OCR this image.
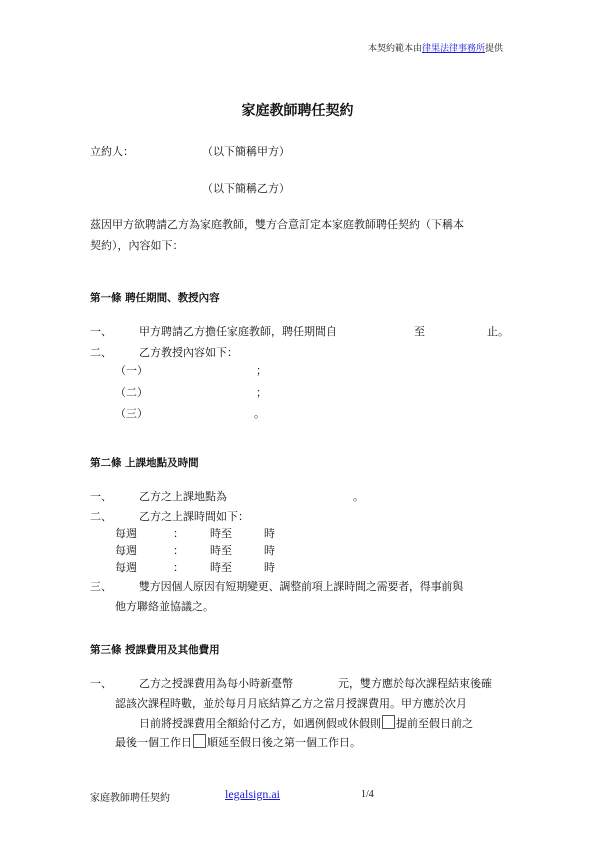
本契約範本由律果法律事務所提供
家庭教師聘任契約
立約人：	（以下簡稱甲方）
（以下簡稱乙方）
茲因甲方欲聘請乙方為家庭教師，雙方合意訂定本家庭教師聘任契約（下稱本
契約），內容如下：
第一條 聘任期間、教授內容
一、 甲方聘請乙方擔任家庭教師，聘任期間自	至	止。
二、 乙方教授內容如下：
（一）	；
（二）	；
（三）	。
第二條 上課地點及時間
一、 乙方之上課地點為	。
二、 乙方之上課時間如下：
每週	： 時至	時
每週	： 時至	時
每週	： 時至	時
三、 雙方因個人原因有短期變更、調整前項上課時間之需要者，得事前與
他方聯絡並協議之。
第三條 授課費用及其他費用
一、 乙方之授課費用為每小時新臺幣	元，雙方應於每次課程結束後確
認該次課程時數，並於每月月底結算乙方之當月授課費用。甲方應於次月
日前將授課費用全額給付乙方，如遇例假或休假則 提前至假日前之
最後一個工作日 順延至假日後之第一個工作日。
家庭教師聘任契約	legalsign.ai	1/4
